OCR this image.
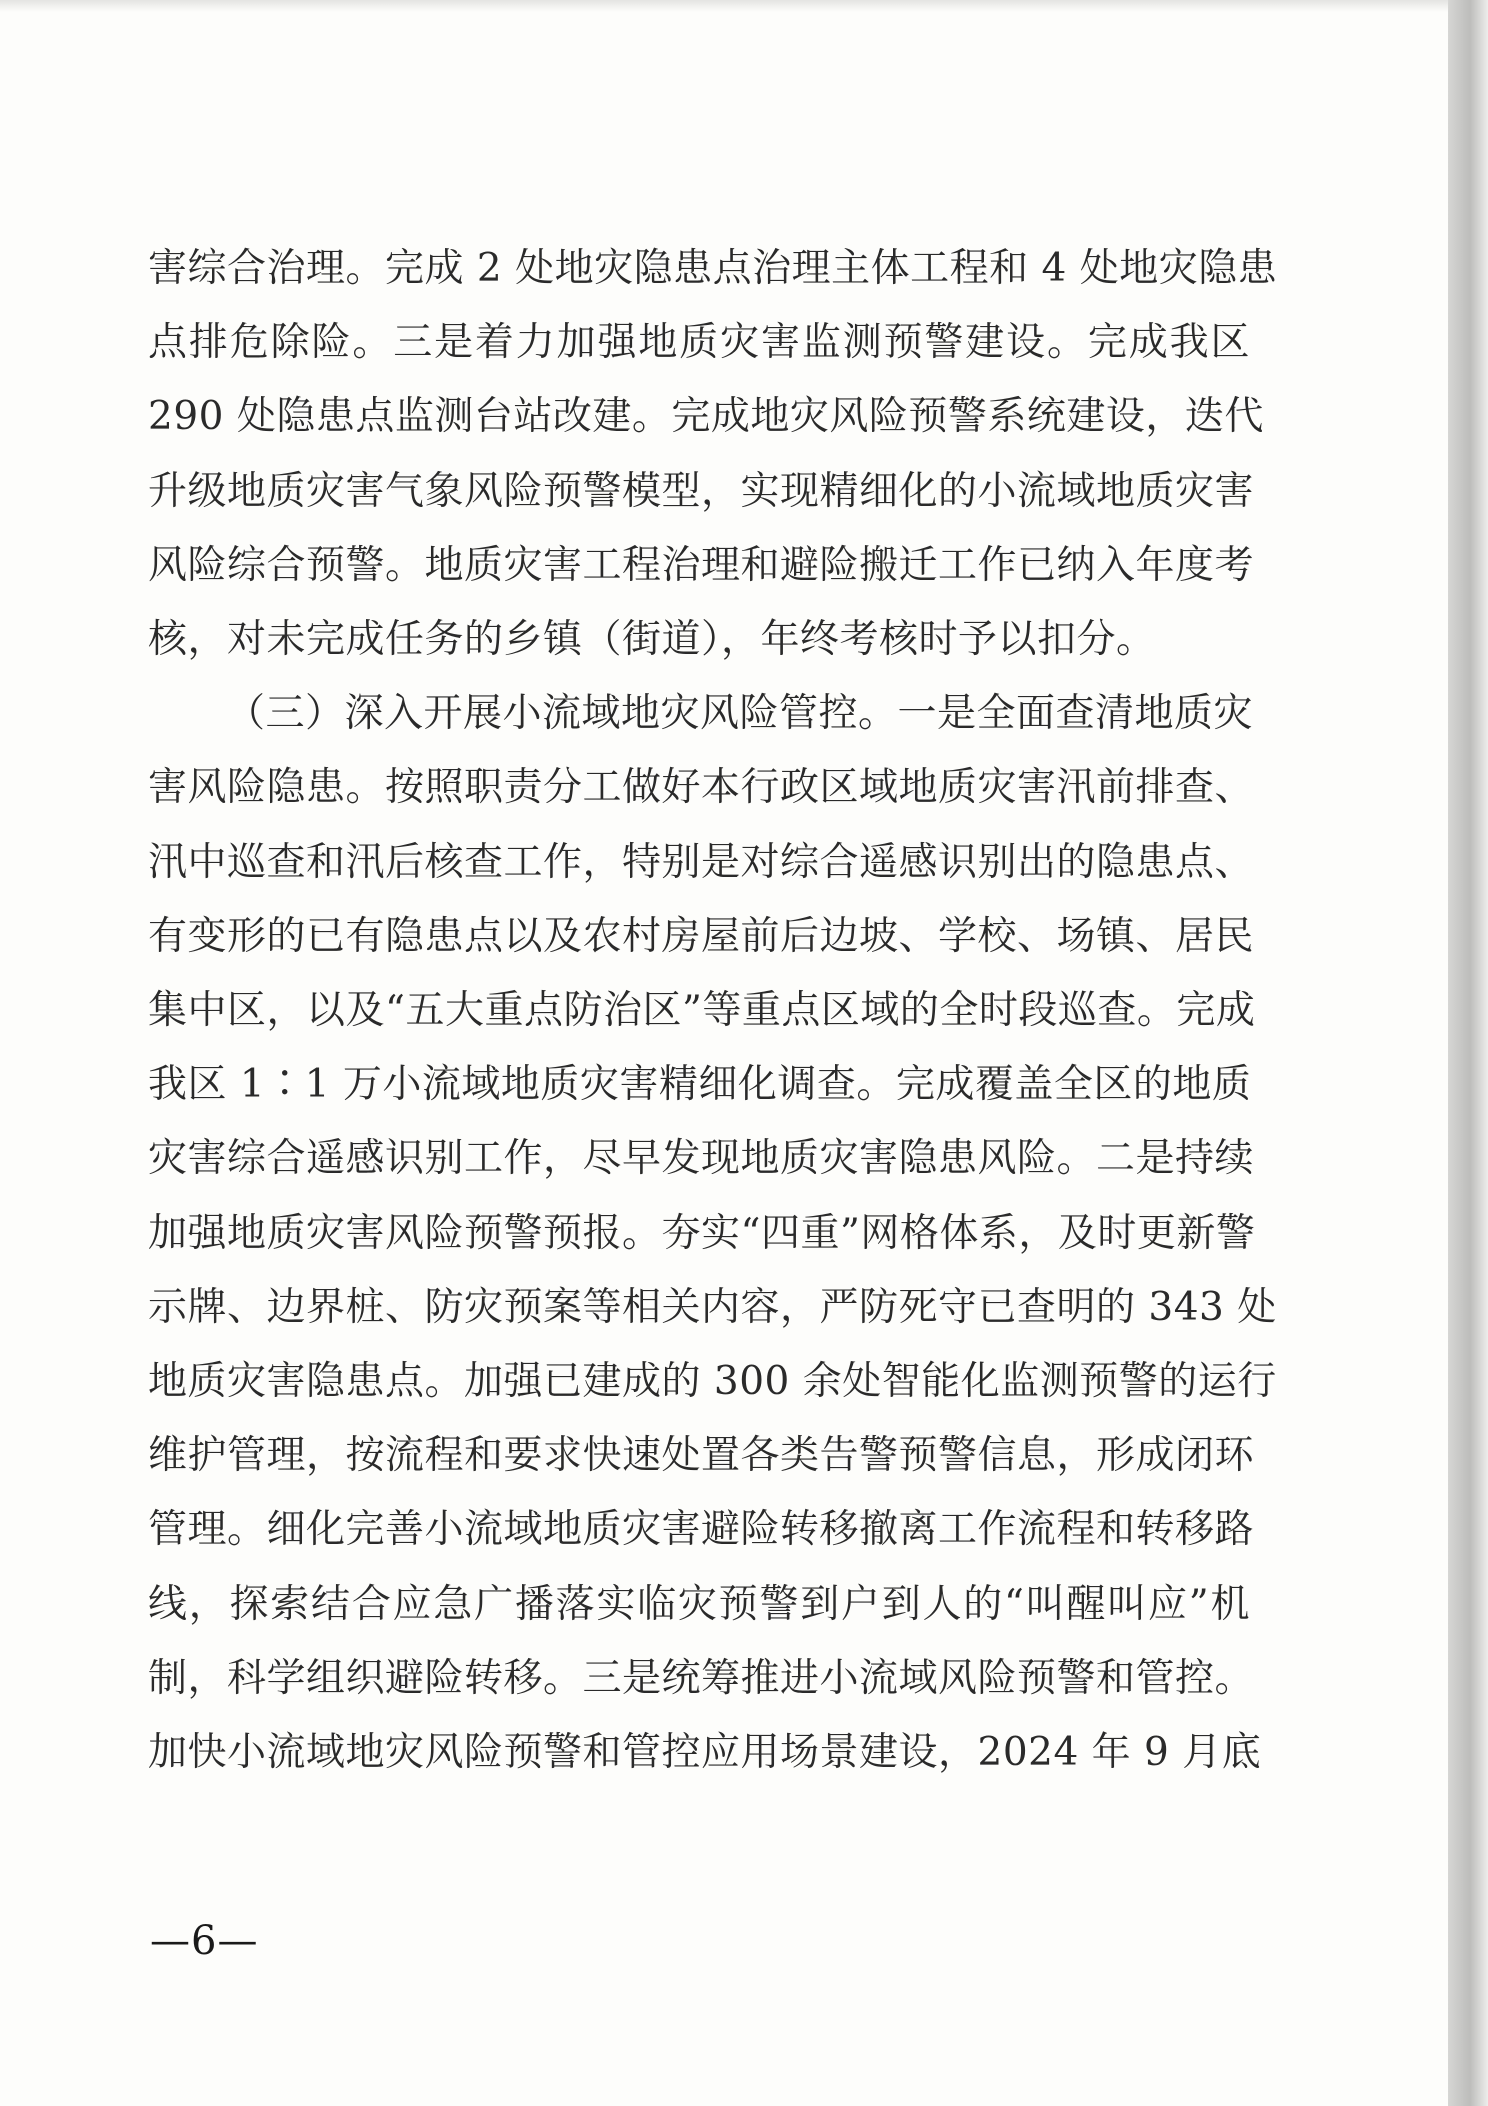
害综合治理。完成 2 处地灾隐患点治理主体工程和 4 处地灾隐患
点排危除险。三是着力加强地质灾害监测预警建设。完成我区
290 处隐患点监测台站改建。完成地灾风险预警系统建设，迭代
升级地质灾害气象风险预警模型，实现精细化的小流域地质灾害
风险综合预警。地质灾害工程治理和避险搬迁工作已纳入年度考
核，对未完成任务的乡镇（街道），年终考核时予以扣分。
（三）深入开展小流域地灾风险管控。一是全面查清地质灾
害风险隐患。按照职责分工做好本行政区域地质灾害汛前排查、
汛中巡查和汛后核查工作，特别是对综合遥感识别出的隐患点、
有变形的已有隐患点以及农村房屋前后边坡、学校、场镇、居民
集中区，以及“五大重点防治区”等重点区域的全时段巡查。完成
我区 1∶1 万小流域地质灾害精细化调查。完成覆盖全区的地质
灾害综合遥感识别工作，尽早发现地质灾害隐患风险。二是持续
加强地质灾害风险预警预报。夯实“四重”网格体系，及时更新警
示牌、边界桩、防灾预案等相关内容，严防死守已查明的 343 处
地质灾害隐患点。加强已建成的 300 余处智能化监测预警的运行
维护管理，按流程和要求快速处置各类告警预警信息，形成闭环
管理。细化完善小流域地质灾害避险转移撤离工作流程和转移路
线，探索结合应急广播落实临灾预警到户到人的“叫醒叫应”机
制，科学组织避险转移。三是统筹推进小流域风险预警和管控。
加快小流域地灾风险预警和管控应用场景建设，2024 年 9 月底
—6—
